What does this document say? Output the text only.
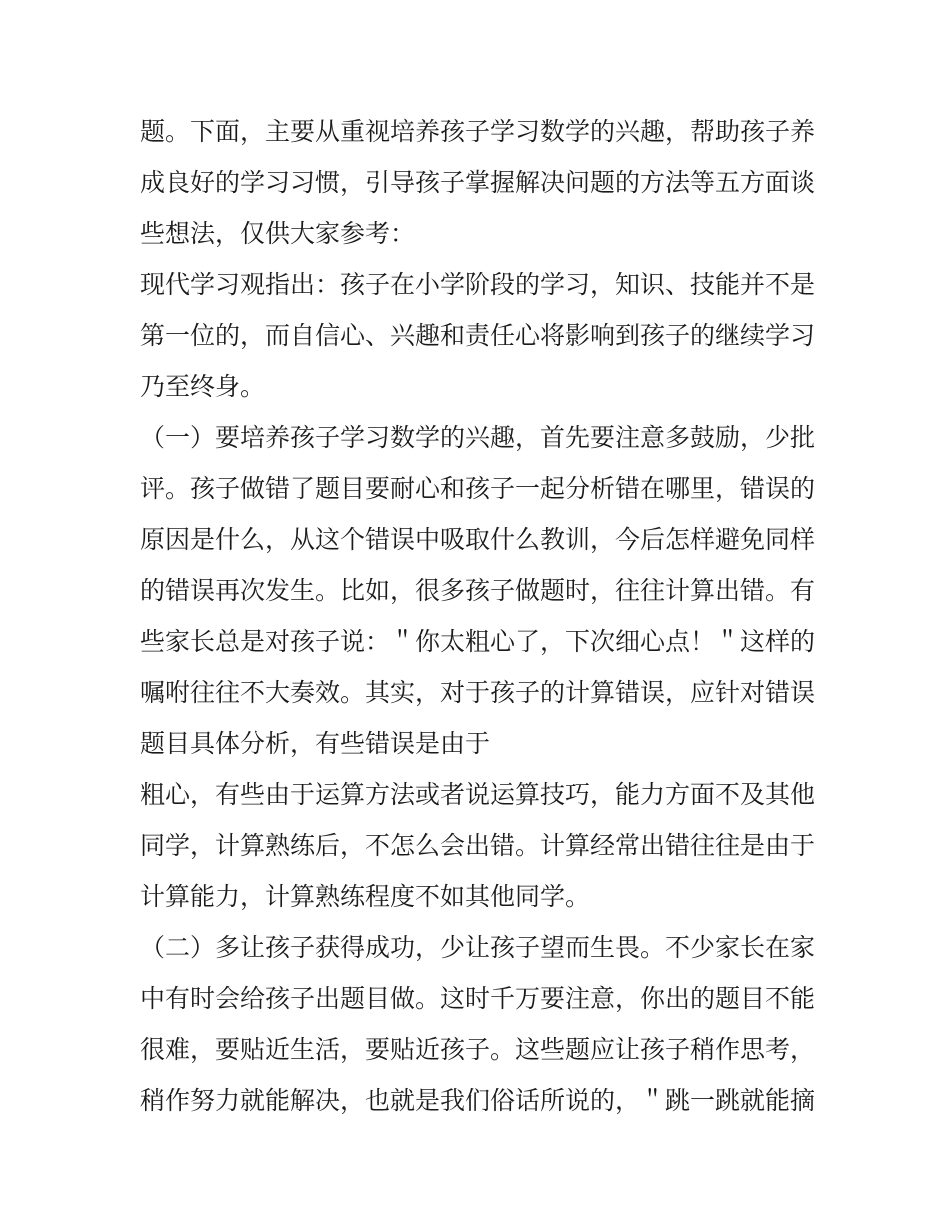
题。下面，主要从重视培养孩子学习数学的兴趣，帮助孩子养
成良好的学习习惯，引导孩子掌握解决问题的方法等五方面谈
些想法，仅供大家参考：
现代学习观指出：孩子在小学阶段的学习，知识、技能并不是
第一位的，而自信心、兴趣和责任心将影响到孩子的继续学习
乃至终身。
（一）要培养孩子学习数学的兴趣，首先要注意多鼓励，少批
评。孩子做错了题目要耐心和孩子一起分析错在哪里，错误的
原因是什么，从这个错误中吸取什么教训，今后怎样避免同样
的错误再次发生。比如，很多孩子做题时，往往计算出错。有
些家长总是对孩子说：＂你太粗心了，下次细心点！＂这样的
嘱咐往往不大奏效。其实，对于孩子的计算错误，应针对错误
题目具体分析，有些错误是由于
粗心，有些由于运算方法或者说运算技巧，能力方面不及其他
同学，计算熟练后，不怎么会出错。计算经常出错往往是由于
计算能力，计算熟练程度不如其他同学。
（二）多让孩子获得成功，少让孩子望而生畏。不少家长在家
中有时会给孩子出题目做。这时千万要注意，你出的题目不能
很难，要贴近生活，要贴近孩子。这些题应让孩子稍作思考，
稍作努力就能解决，也就是我们俗话所说的，＂跳一跳就能摘
